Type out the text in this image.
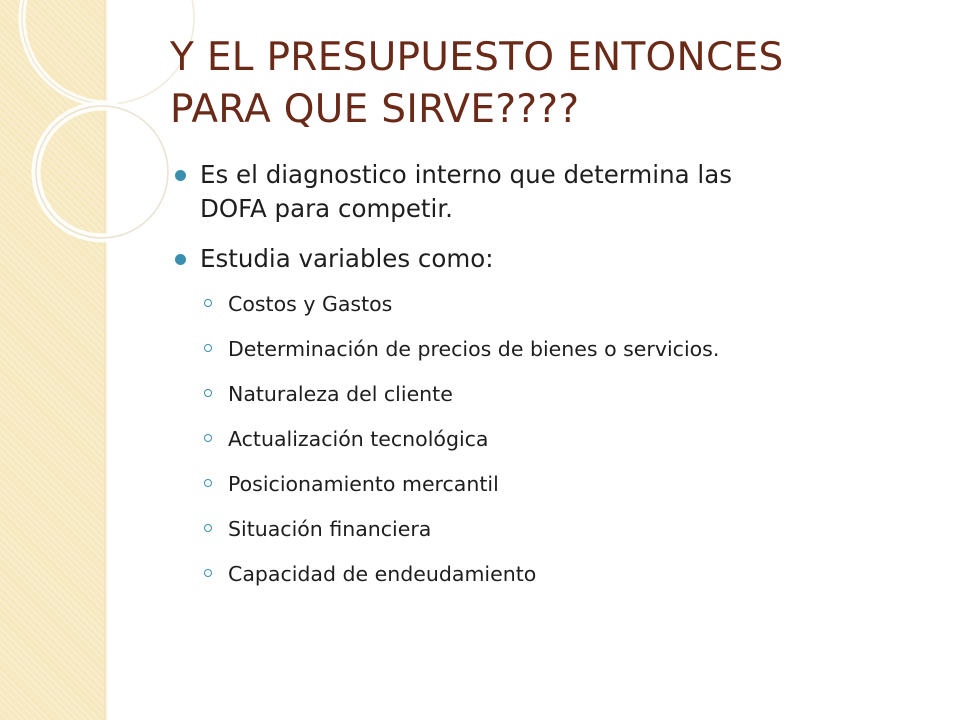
Y EL PRESUPUESTO ENTONCES
PARA QUE SIRVE????
Es el diagnostico interno que determina las
DOFA para competir.
Estudia variables como:
Costos y Gastos
Determinación de precios de bienes o servicios.
Naturaleza del cliente
Actualización tecnológica
Posicionamiento mercantil
Situación financiera
Capacidad de endeudamiento
